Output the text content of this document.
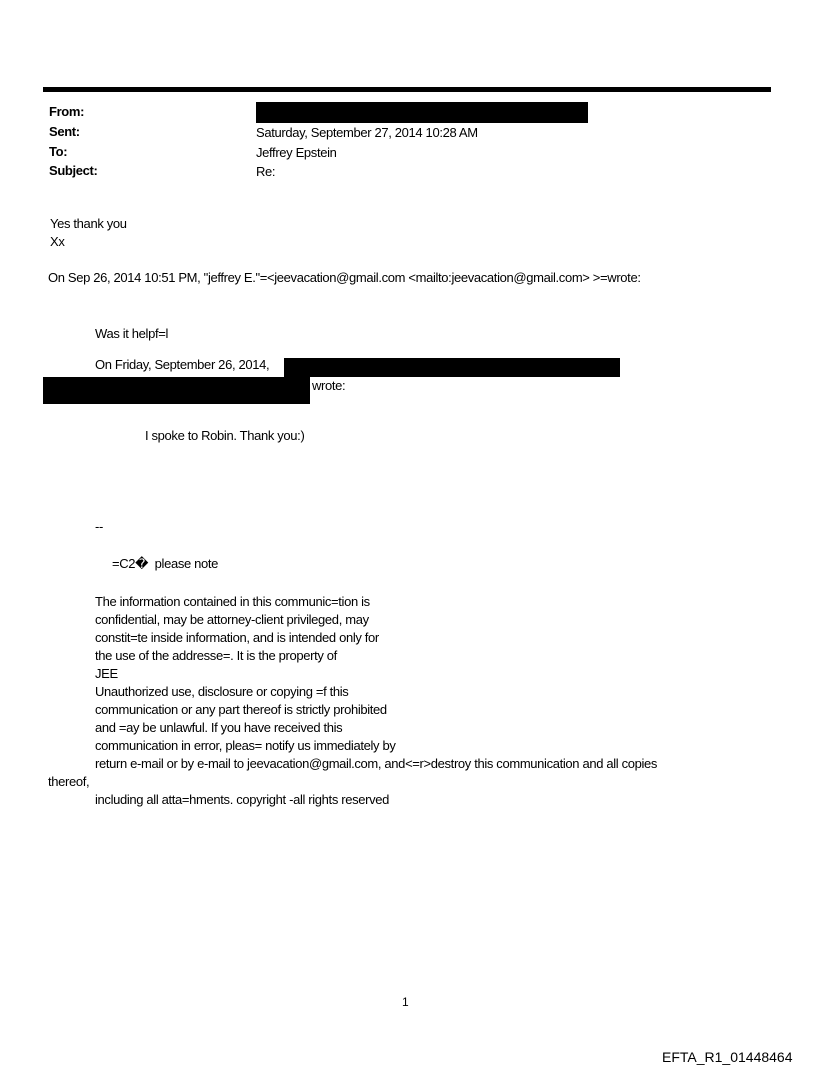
From:
Sent:	Saturday, September 27, 2014 10:28 AM
To:	Jeffrey Epstein
Subject:	Re:
Yes thank you
Xx
On Sep 26, 2014 10:51 PM, "jeffrey E."=<jeevacation@gmail.com <mailto:jeevacation@gmail.com> >=wrote:
Was it helpf=l
On Friday, September 26, 2014,
wrote:
I spoke to Robin. Thank you:)
--
=C2�  please note
The information contained in this communic=tion is
confidential, may be attorney-client privileged, may
constit=te inside information, and is intended only for
the use of the addresse=. It is the property of
JEE
Unauthorized use, disclosure or copying =f this
communication or any part thereof is strictly prohibited
and =ay be unlawful. If you have received this
communication in error, pleas= notify us immediately by
return e-mail or by e-mail to jeevacation@gmail.com, and<=r>destroy this communication and all copies
thereof,
including all atta=hments. copyright -all rights reserved
1
EFTA_R1_01448464
